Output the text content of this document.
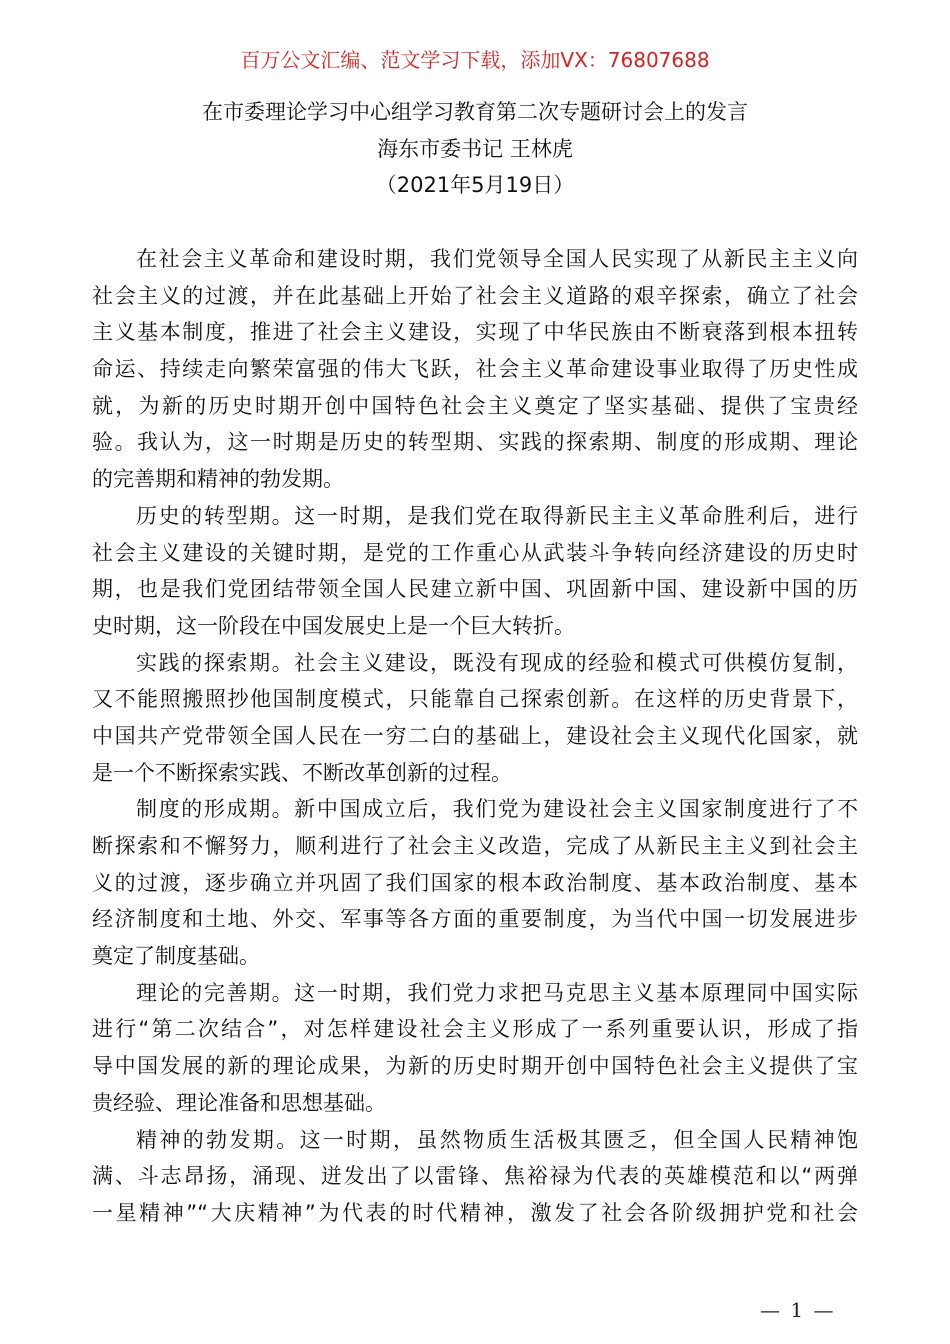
百万公文汇编、范文学习下载，添加VX：76807688
在市委理论学习中心组学习教育第二次专题研讨会上的发言
海东市委书记 王林虎
（2021年5月19日）
在社会主义革命和建设时期，我们党领导全国人民实现了从新民主主义向
社会主义的过渡，并在此基础上开始了社会主义道路的艰辛探索，确立了社会
主义基本制度，推进了社会主义建设，实现了中华民族由不断衰落到根本扭转
命运、持续走向繁荣富强的伟大飞跃，社会主义革命建设事业取得了历史性成
就，为新的历史时期开创中国特色社会主义奠定了坚实基础、提供了宝贵经
验。我认为，这一时期是历史的转型期、实践的探索期、制度的形成期、理论
的完善期和精神的勃发期。
历史的转型期。这一时期，是我们党在取得新民主主义革命胜利后，进行
社会主义建设的关键时期，是党的工作重心从武装斗争转向经济建设的历史时
期，也是我们党团结带领全国人民建立新中国、巩固新中国、建设新中国的历
史时期，这一阶段在中国发展史上是一个巨大转折。
实践的探索期。社会主义建设，既没有现成的经验和模式可供模仿复制，
又不能照搬照抄他国制度模式，只能靠自己探索创新。在这样的历史背景下，
中国共产党带领全国人民在一穷二白的基础上，建设社会主义现代化国家，就
是一个不断探索实践、不断改革创新的过程。
制度的形成期。新中国成立后，我们党为建设社会主义国家制度进行了不
断探索和不懈努力，顺利进行了社会主义改造，完成了从新民主主义到社会主
义的过渡，逐步确立并巩固了我们国家的根本政治制度、基本政治制度、基本
经济制度和土地、外交、军事等各方面的重要制度，为当代中国一切发展进步
奠定了制度基础。
理论的完善期。这一时期，我们党力求把马克思主义基本原理同中国实际
进行“第二次结合”，对怎样建设社会主义形成了一系列重要认识，形成了指
导中国发展的新的理论成果，为新的历史时期开创中国特色社会主义提供了宝
贵经验、理论准备和思想基础。
精神的勃发期。这一时期，虽然物质生活极其匮乏，但全国人民精神饱
满、斗志昂扬，涌现、迸发出了以雷锋、焦裕禄为代表的英雄模范和以“两弹
一星精神”“大庆精神”为代表的时代精神，激发了社会各阶级拥护党和社会
— 1 —
